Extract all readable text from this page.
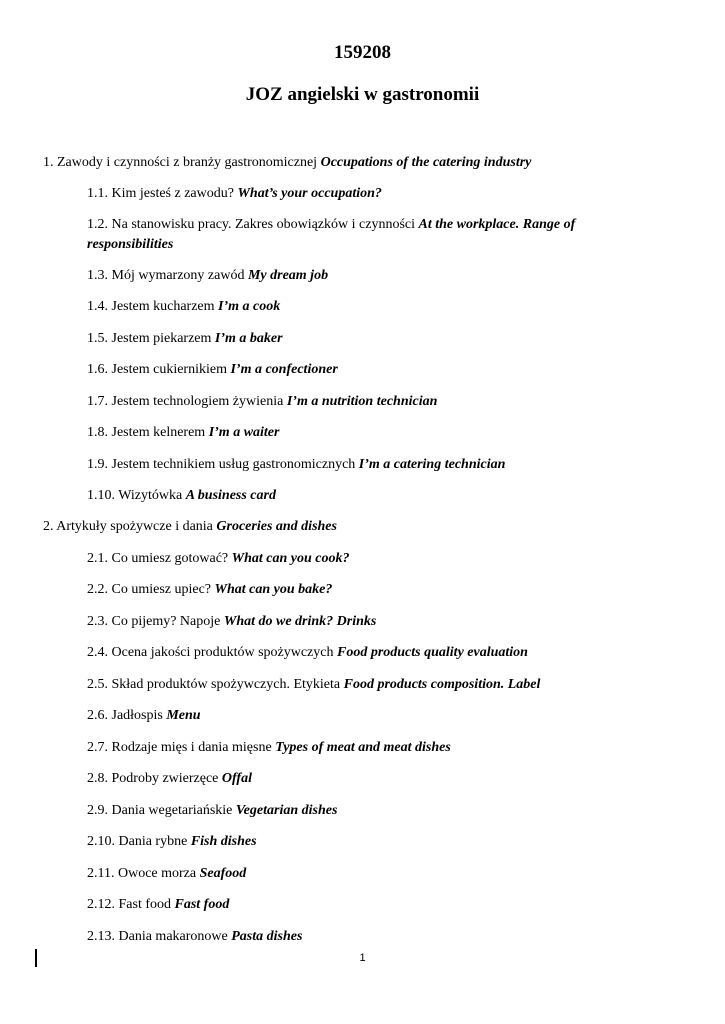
159208
JOZ angielski w gastronomii
1. Zawody i czynności z branży gastronomicznej Occupations of the catering industry
1.1. Kim jesteś z zawodu? What’s your occupation?
1.2. Na stanowisku pracy. Zakres obowiązków i czynności At the workplace. Range of responsibilities
1.3. Mój wymarzony zawód My dream job
1.4. Jestem kucharzem I’m a cook
1.5. Jestem piekarzem I’m a baker
1.6. Jestem cukiernikiem I’m a confectioner
1.7. Jestem technologiem żywienia I’m a nutrition technician
1.8. Jestem kelnerem I’m a waiter
1.9. Jestem technikiem usług gastronomicznych I’m a catering technician
1.10. Wizytówka A business card
2. Artykuły spożywcze i dania Groceries and dishes
2.1. Co umiesz gotować? What can you cook?
2.2. Co umiesz upiec? What can you bake?
2.3. Co pijemy? Napoje What do we drink? Drinks
2.4. Ocena jakości produktów spożywczych Food products quality evaluation
2.5. Skład produktów spożywczych. Etykieta Food products composition. Label
2.6. Jadłospis Menu
2.7. Rodzaje mięs i dania mięsne Types of meat and meat dishes
2.8. Podroby zwierzęce Offal
2.9. Dania wegetariańskie Vegetarian dishes
2.10. Dania rybne Fish dishes
2.11. Owoce morza Seafood
2.12. Fast food Fast food
2.13. Dania makaronowe Pasta dishes
1
